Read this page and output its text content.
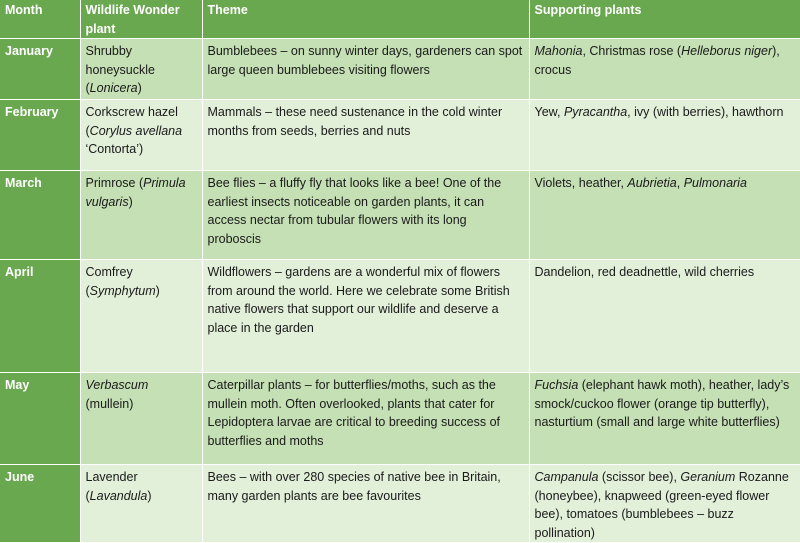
Month	Wildlife Wonder plant	Theme	Supporting plants
January	Shrubby honeysuckle (Lonicera)	Bumblebees – on sunny winter days, gardeners can spot large queen bumblebees visiting flowers	Mahonia, Christmas rose (Helleborus niger), crocus
February	Corkscrew hazel (Corylus avellana ‘Contorta’)	Mammals – these need sustenance in the cold winter months from seeds, berries and nuts	Yew, Pyracantha, ivy (with berries), hawthorn
March	Primrose (Primula vulgaris)	Bee flies – a fluffy fly that looks like a bee! One of the earliest insects noticeable on garden plants, it can access nectar from tubular flowers with its long proboscis	Violets, heather, Aubrietia, Pulmonaria
April	Comfrey (Symphytum)	Wildflowers – gardens are a wonderful mix of flowers from around the world. Here we celebrate some British native flowers that support our wildlife and deserve a place in the garden	Dandelion, red deadnettle, wild cherries
May	Verbascum (mullein)	Caterpillar plants – for butterflies/moths, such as the mullein moth. Often overlooked, plants that cater for Lepidoptera larvae are critical to breeding success of butterflies and moths	Fuchsia (elephant hawk moth), heather, lady’s smock/cuckoo flower (orange tip butterfly), nasturtium (small and large white butterflies)
June	Lavender (Lavandula)	Bees – with over 280 species of native bee in Britain, many garden plants are bee favourites	Campanula (scissor bee), Geranium Rozanne (honeybee), knapweed (green-eyed flower bee), tomatoes (bumblebees – buzz pollination)
